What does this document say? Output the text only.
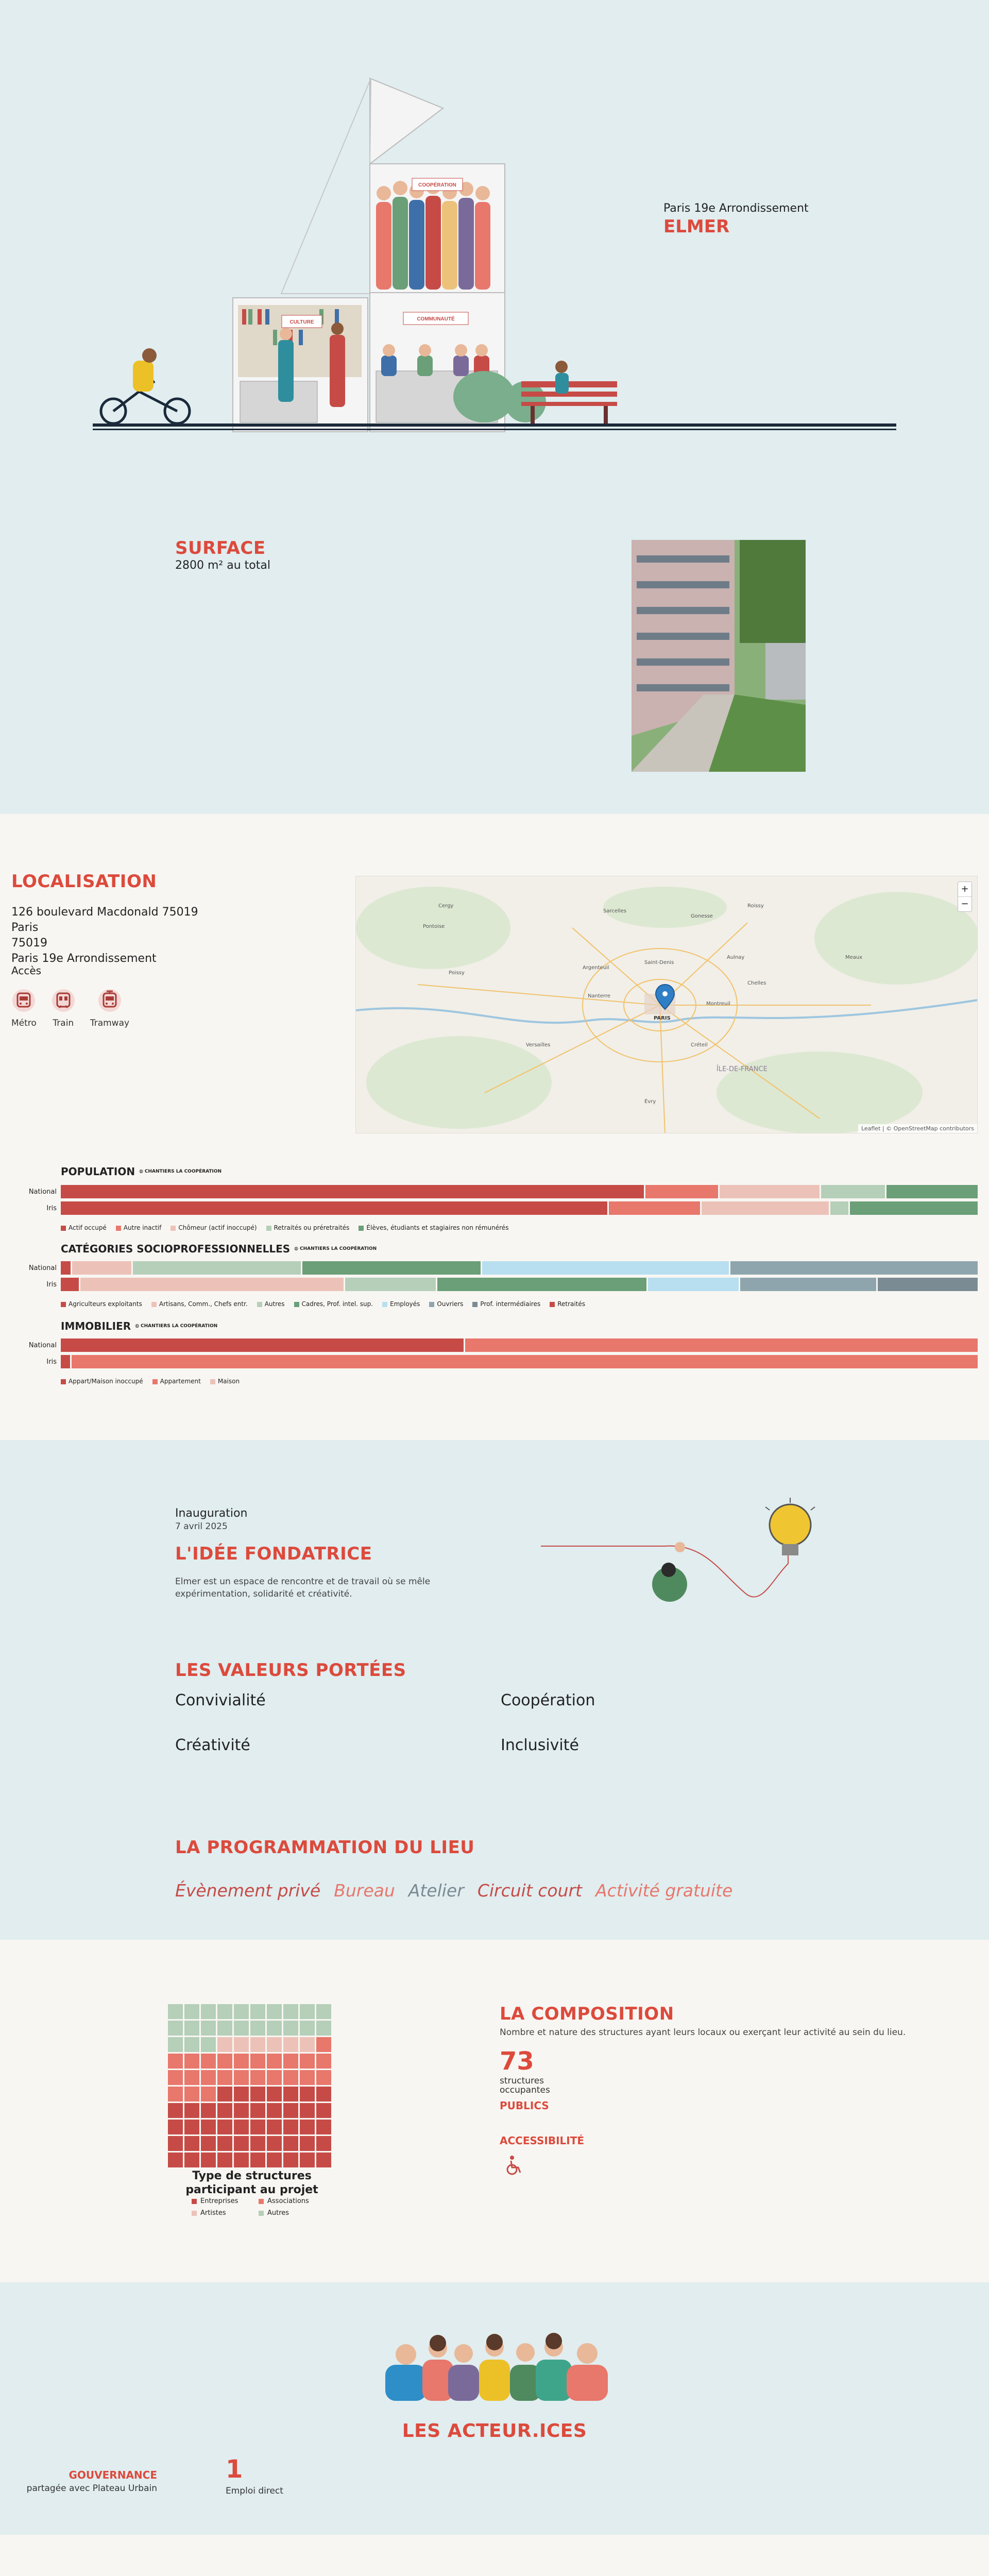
COOPÉRATION
CULTURE
COMMUNAUTÉ
Paris 19e Arrondissement
ELMER
SURFACE
2800 m² au total
LOCALISATION
126 boulevard Macdonald 75019 Paris
75019
Paris 19e Arrondissement
Accès
Métro Train Tramway
Cergy
Sarcelles
Gonesse
Roissy
Argenteuil
Saint-Denis
Aulnay
Nanterre
PARIS
Montreuil
Versailles	Créteil
ÎLE-DE-FRANCE
Évry
Chelles
Meaux
Pontoise
Poissy
+
−
Leaflet | © OpenStreetMap contributors
POPULATION ◍ CHANTIERS LA COOPÉRATION
National
Iris
Actif occupé	Autre inactif	Chômeur (actif inoccupé)	Retraités ou préretraités	Élèves, étudiants et stagiaires non rémunérés
CATÉGORIES SOCIOPROFESSIONNELLES ◍ CHANTIERS LA COOPÉRATION
National
Iris
Agriculteurs exploitants	Artisans, Comm., Chefs entr.	Autres	Cadres, Prof. intel. sup.	Employés	Ouvriers	Prof. intermédiaires	Retraités
IMMOBILIER ◍ CHANTIERS LA COOPÉRATION
National
Iris
Appart/Maison inoccupé	Appartement	Maison
Inauguration
7 avril 2025
L'IDÉE FONDATRICE
Elmer est un espace de rencontre et de travail où se mêle expérimentation, solidarité et créativité.
LES VALEURS PORTÉES
Convivialité	Coopération
Créativité	Inclusivité
LA PROGRAMMATION DU LIEU
Évènement privé Bureau Atelier Circuit court Activité gratuite
Type de structures participant au projet
Entreprises	Associations
Artistes	Autres
LA COMPOSITION
Nombre et nature des structures ayant leurs locaux ou exerçant leur activité au sein du lieu.
73
structures occupantes
PUBLICS
ACCESSIBILITÉ
LES ACTEUR.ICES
GOUVERNANCE
partagée avec Plateau Urbain
1
Emploi direct
